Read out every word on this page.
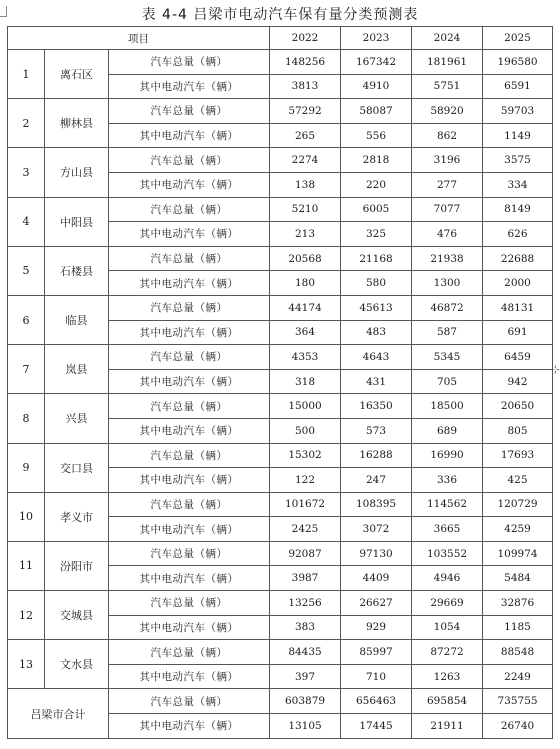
表 4-4 吕梁市电动汽车保有量分类预测表
项目			2022	2023	2024	2025
1	离石区	汽车总量（辆）	148256	167342	181961	196580
		其中电动汽车（辆）	3813	4910	5751	6591
2	柳林县	汽车总量（辆）	57292	58087	58920	59703
		其中电动汽车（辆）	265	556	862	1149
3	方山县	汽车总量（辆）	2274	2818	3196	3575
		其中电动汽车（辆）	138	220	277	334
4	中阳县	汽车总量（辆）	5210	6005	7077	8149
		其中电动汽车（辆）	213	325	476	626
5	石楼县	汽车总量（辆）	20568	21168	21938	22688
		其中电动汽车（辆）	180	580	1300	2000
6	临县	汽车总量（辆）	44174	45613	46872	48131
		其中电动汽车（辆）	364	483	587	691
7	岚县	汽车总量（辆）	4353	4643	5345	6459
		其中电动汽车（辆）	318	431	705	942
8	兴县	汽车总量（辆）	15000	16350	18500	20650
		其中电动汽车（辆）	500	573	689	805
9	交口县	汽车总量（辆）	15302	16288	16990	17693
		其中电动汽车（辆）	122	247	336	425
10	孝义市	汽车总量（辆）	101672	108395	114562	120729
		其中电动汽车（辆）	2425	3072	3665	4259
11	汾阳市	汽车总量（辆）	92087	97130	103552	109974
		其中电动汽车（辆）	3987	4409	4946	5484
12	交城县	汽车总量（辆）	13256	26627	29669	32876
		其中电动汽车（辆）	383	929	1054	1185
13	文水县	汽车总量（辆）	84435	85997	87272	88548
		其中电动汽车（辆）	397	710	1263	2249
吕梁市合计		汽车总量（辆）	603879	656463	695854	735755
		其中电动汽车（辆）	13105	17445	21911	26740
⊹
